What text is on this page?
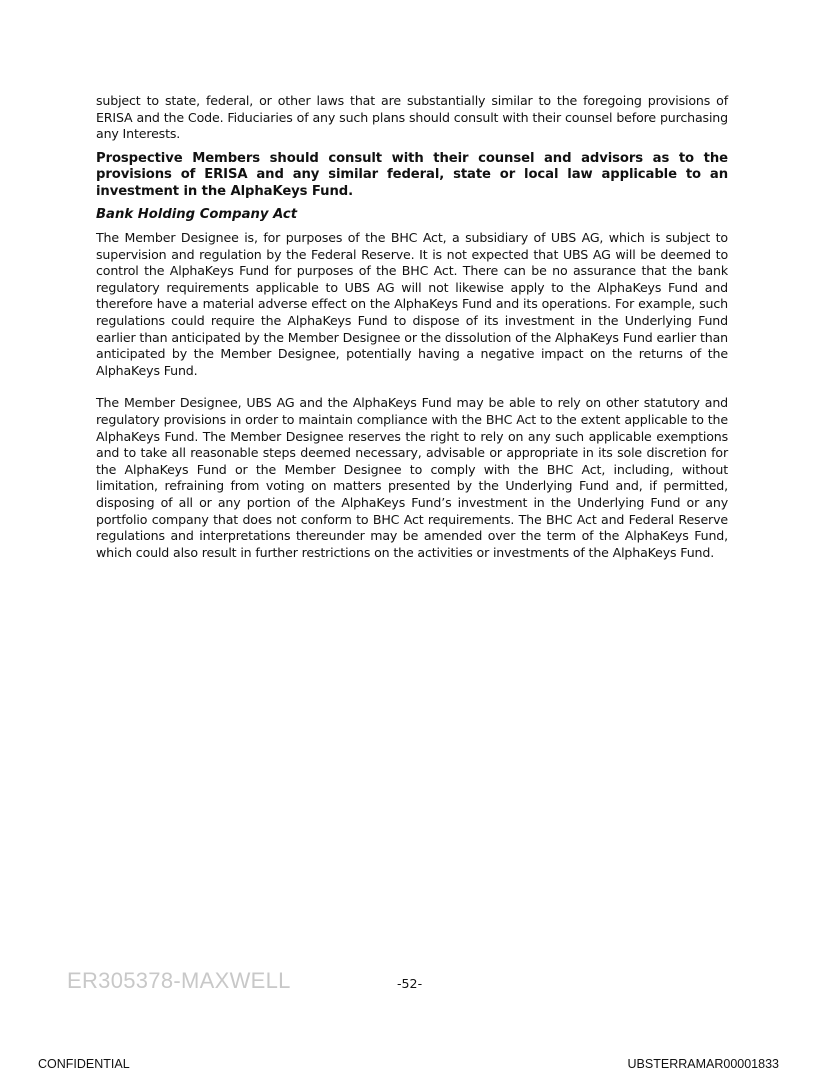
subject to state, federal, or other laws that are substantially similar to the foregoing provisions of ERISA and the Code. Fiduciaries of any such plans should consult with their counsel before purchasing any Interests.

Prospective Members should consult with their counsel and advisors as to the provisions of ERISA and any similar federal, state or local law applicable to an investment in the AlphaKeys Fund.

Bank Holding Company Act

The Member Designee is, for purposes of the BHC Act, a subsidiary of UBS AG, which is subject to supervision and regulation by the Federal Reserve. It is not expected that UBS AG will be deemed to control the AlphaKeys Fund for purposes of the BHC Act. There can be no assurance that the bank regulatory requirements applicable to UBS AG will not likewise apply to the AlphaKeys Fund and therefore have a material adverse effect on the AlphaKeys Fund and its operations. For example, such regulations could require the AlphaKeys Fund to dispose of its investment in the Underlying Fund earlier than anticipated by the Member Designee or the dissolution of the AlphaKeys Fund earlier than anticipated by the Member Designee, potentially having a negative impact on the returns of the AlphaKeys Fund.

The Member Designee, UBS AG and the AlphaKeys Fund may be able to rely on other statutory and regulatory provisions in order to maintain compliance with the BHC Act to the extent applicable to the AlphaKeys Fund. The Member Designee reserves the right to rely on any such applicable exemptions and to take all reasonable steps deemed necessary, advisable or appropriate in its sole discretion for the AlphaKeys Fund or the Member Designee to comply with the BHC Act, including, without limitation, refraining from voting on matters presented by the Underlying Fund and, if permitted, disposing of all or any portion of the AlphaKeys Fund’s investment in the Underlying Fund or any portfolio company that does not conform to BHC Act requirements. The BHC Act and Federal Reserve regulations and interpretations thereunder may be amended over the term of the AlphaKeys Fund, which could also result in further restrictions on the activities or investments of the AlphaKeys Fund.

ER305378-MAXWELL	-52-
CONFIDENTIAL	UBSTERRAMAR00001833
